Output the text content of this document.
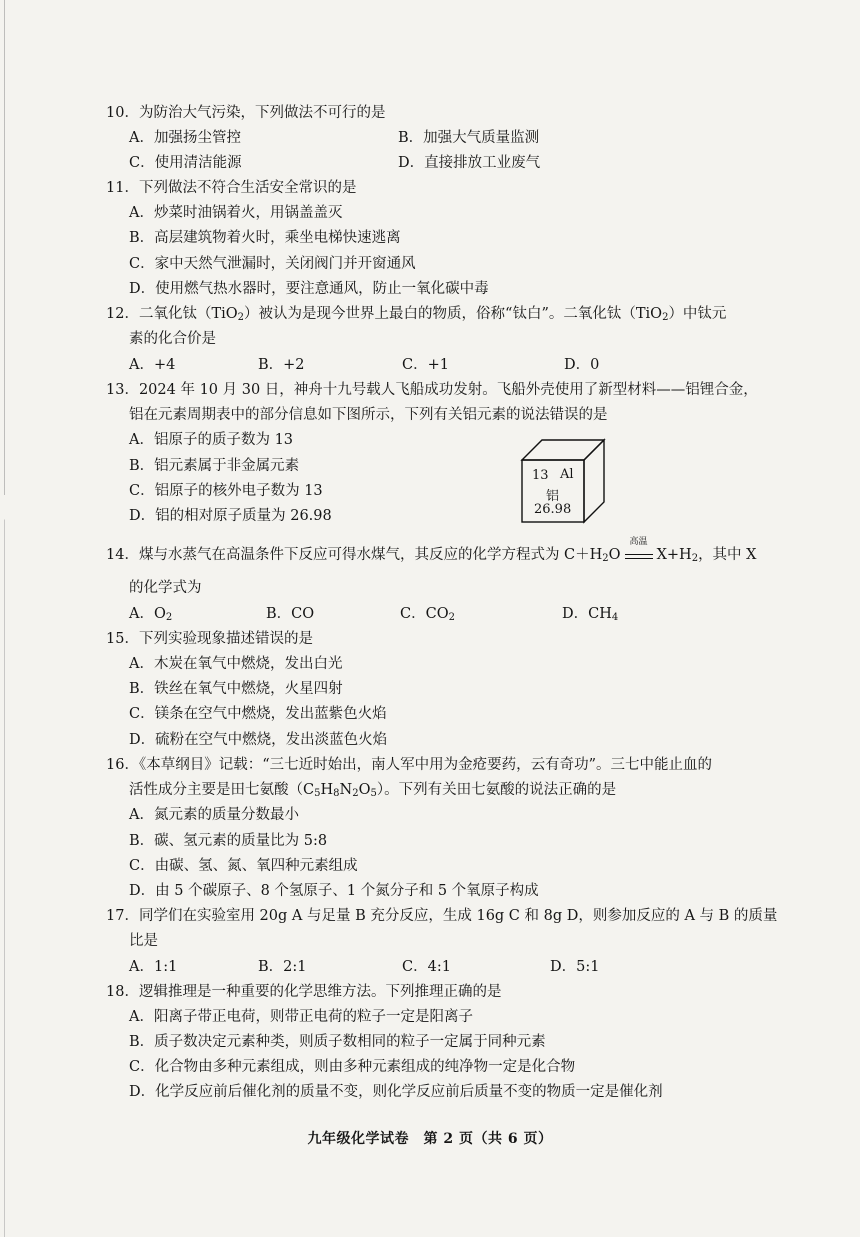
10．为防治大气污染，下列做法不可行的是
A．加强扬尘管控	B．加强大气质量监测
C．使用清洁能源	D．直接排放工业废气
11．下列做法不符合生活安全常识的是
A．炒菜时油锅着火，用锅盖盖灭
B．高层建筑物着火时，乘坐电梯快速逃离
C．家中天然气泄漏时，关闭阀门并开窗通风
D．使用燃气热水器时，要注意通风，防止一氧化碳中毒
12．二氧化钛（TiO$_2$）被认为是现今世界上最白的物质，俗称“钛白”。二氧化钛（TiO$_2$）中钛元
素的化合价是
A．+4	B．+2	C．+1	D．0
13．2024 年 10 月 30 日，神舟十九号载人飞船成功发射。飞船外壳使用了新型材料——铝锂合金，
铝在元素周期表中的部分信息如下图所示，下列有关铝元素的说法错误的是
A．铝原子的质子数为 13
B．铝元素属于非金属元素
C．铝原子的核外电子数为 13
D．铝的相对原子质量为 26.98
13 Al
铝
26.98
14．煤与水蒸气在高温条件下反应可得水煤气，其反应的化学方程式为 $C+H_2O$
高温
$X+H_2$，其中 X
的化学式为
A．$O_2$	B．CO	C．$CO_2$	D．$CH_4$
15．下列实验现象描述错误的是
A．木炭在氧气中燃烧，发出白光
B．铁丝在氧气中燃烧，火星四射
C．镁条在空气中燃烧，发出蓝紫色火焰
D．硫粉在空气中燃烧，发出淡蓝色火焰
16．《本草纲目》记载：“三七近时始出，南人军中用为金疮要药，云有奇功”。三七中能止血的
活性成分主要是田七氨酸$(C_5H_8N_2O_5)$。下列有关田七氨酸的说法正确的是
A．氮元素的质量分数最小
B．碳、氢元素的质量比为 5:8
C．由碳、氢、氮、氧四种元素组成
D．由 5 个碳原子、8 个氢原子、1 个氮分子和 5 个氧原子构成
17．同学们在实验室用 20g A 与足量 B 充分反应，生成 16g C 和 8g D，则参加反应的 A 与 B 的质量
比是
A．1:1	B．2:1	C．4:1	D．5:1
18．逻辑推理是一种重要的化学思维方法。下列推理正确的是
A．阳离子带正电荷，则带正电荷的粒子一定是阳离子
B．质子数决定元素种类，则质子数相同的粒子一定属于同种元素
C．化合物由多种元素组成，则由多种元素组成的纯净物一定是化合物
D．化学反应前后催化剂的质量不变，则化学反应前后质量不变的物质一定是催化剂
九年级化学试卷　第 2 页（共 6 页）
